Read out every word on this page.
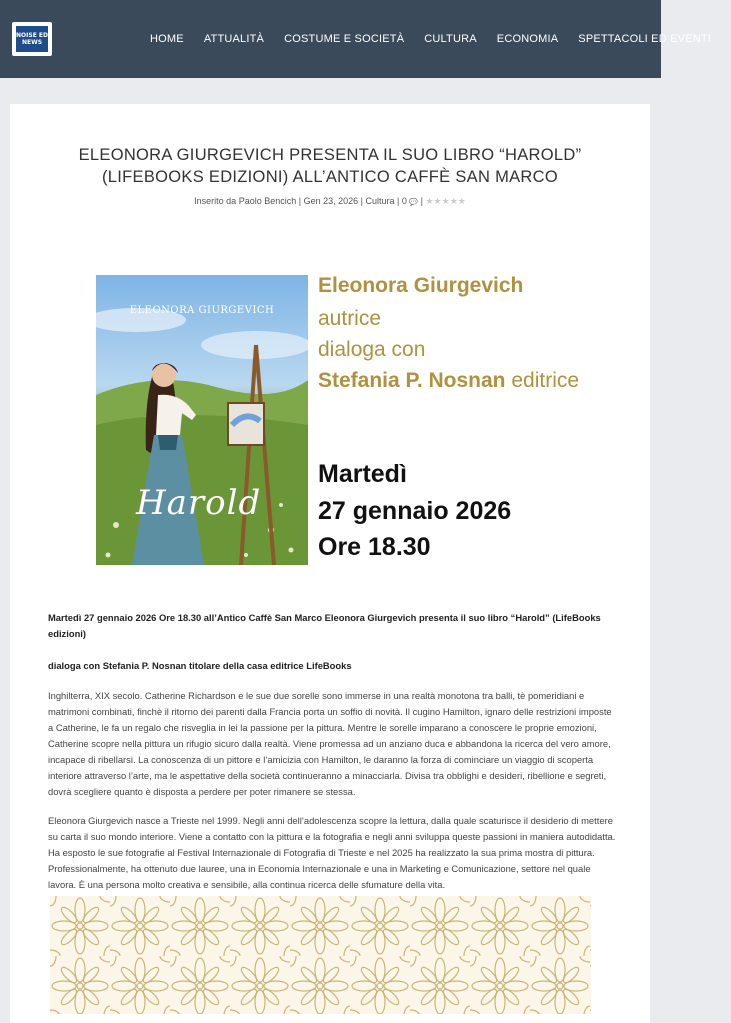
NOISE ED NEWS	HOME ATTUALITÀ COSTUME E SOCIETÀ CULTURA ECONOMIA SPETTACOLI ED EVENTI
ELEONORA GIURGEVICH PRESENTA IL SUO LIBRO “HAROLD” (LIFEBOOKS EDIZIONI) ALL’ANTICO CAFFÈ SAN MARCO
Inserito da Paolo Bencich | Gen 23, 2026 | Cultura | 0 💬 | ★★★★★
ELEONORA GIURGEVICH
Harold
Eleonora Giurgevich
autrice
dialoga con
Stefania P. Nosnan editrice
Martedì
27 gennaio 2026
Ore 18.30

Martedì 27 gennaio 2026 Ore 18.30 all’Antico Caffè San Marco Eleonora Giurgevich presenta il suo libro “Harold” (LifeBooks edizioni)

dialoga con Stefania P. Nosnan titolare della casa editrice LifeBooks

Inghilterra, XIX secolo. Catherine Richardson e le sue due sorelle sono immerse in una realtà monotona tra balli, tè pomeridiani e matrimoni combinati, finchè il ritorno dei parenti dalla Francia porta un soffio di novità. Il cugino Hamilton, ignaro delle restrizioni imposte a Catherine, le fa un regalo che risveglia in lei la passione per la pittura. Mentre le sorelle imparano a conoscere le proprie emozioni, Catherine scopre nella pittura un rifugio sicuro dalla realtà. Viene promessa ad un anziano duca e abbandona la ricerca del vero amore, incapace di ribellarsi. La conoscenza di un pittore e l’amicizia con Hamilton, le daranno la forza di cominciare un viaggio di scoperta interiore attraverso l’arte, ma le aspettative della società continueranno a minacciarla. Divisa tra obblighi e desideri, ribellione e segreti, dovrà scegliere quanto è disposta a perdere per poter rimanere se stessa.

Eleonora Giurgevich nasce a Trieste nel 1999. Negli anni dell’adolescenza scopre la lettura, dalla quale scaturisce il desiderio di mettere su carta il suo mondo interiore. Viene a contatto con la pittura e la fotografia e negli anni sviluppa queste passioni in maniera autodidatta. Ha esposto le sue fotografie al Festival Internazionale di Fotografia di Trieste e nel 2025 ha realizzato la sua prima mostra di pittura. Professionalmente, ha ottenuto due lauree, una in Economia Internazionale e una in Marketing e Comunicazione, settore nel quale lavora. È una persona molto creativa e sensibile, alla continua ricerca delle sfumature della vita.
